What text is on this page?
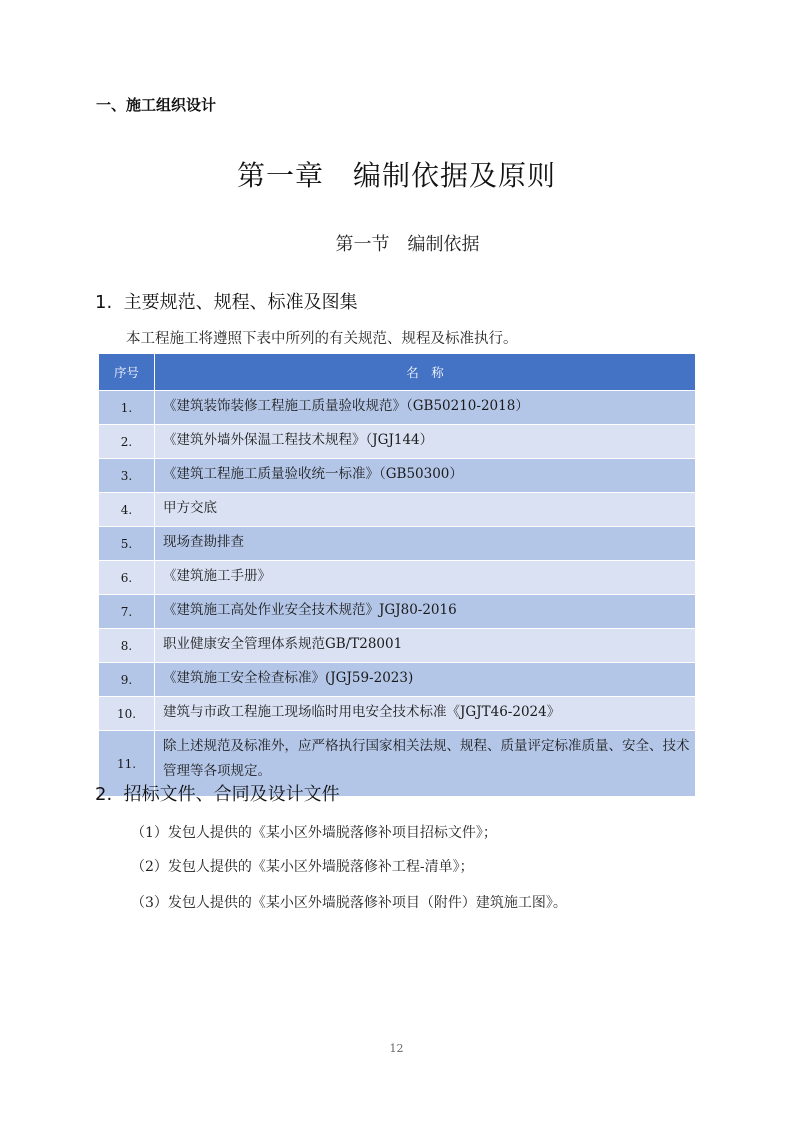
一、施工组织设计
第一章　编制依据及原则
第一节　编制依据
1. 主要规范、规程、标准及图集
本工程施工将遵照下表中所列的有关规范、规程及标准执行。
序号	名　称
1.	《建筑装饰装修工程施工质量验收规范》（GB50210-2018）
2.	《建筑外墙外保温工程技术规程》（JGJ144）
3.	《建筑工程施工质量验收统一标准》（GB50300）
4.	甲方交底
5.	现场查勘排查
6.	《建筑施工手册》
7.	《建筑施工高处作业安全技术规范》JGJ80-2016
8.	职业健康安全管理体系规范GB/T28001
9.	《建筑施工安全检查标准》(JGJ59-2023)
10.	建筑与市政工程施工现场临时用电安全技术标准《JGJT46-2024》
11.	除上述规范及标准外，应严格执行国家相关法规、规程、质量评定标准质量、安全、技术管理等各项规定。
2. 招标文件、合同及设计文件
（1）发包人提供的《某小区外墙脱落修补项目招标文件》；
（2）发包人提供的《某小区外墙脱落修补工程-清单》；
（3）发包人提供的《某小区外墙脱落修补项目（附件）建筑施工图》。
12
